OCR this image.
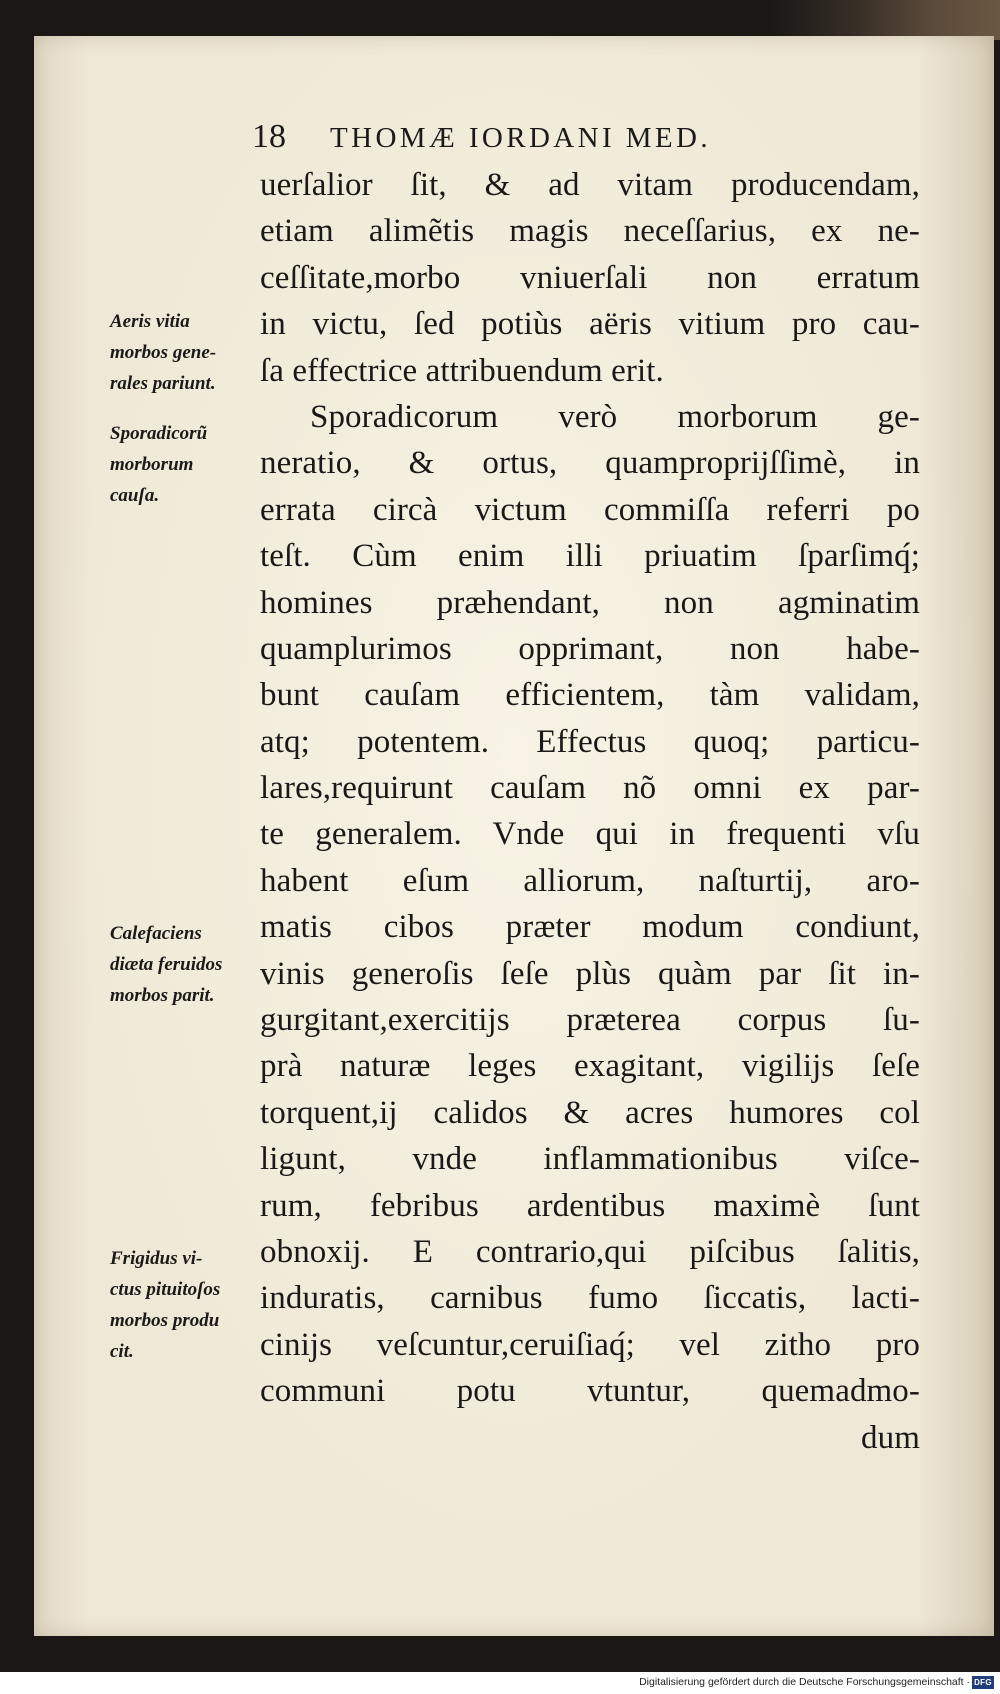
18 THOMÆ IORDANI MED.
uerſalior ſit, & ad vitam producendam,
etiam alimẽtis magis neceſſarius, ex ne-
ceſſitate,morbo vniuerſali non erratum
in victu, ſed potiùs aëris vitium pro cau-
ſa effectrice attribuendum erit.
Sporadicorum verò morborum ge-
neratio, & ortus, quamproprijſſimè, in
errata circà victum commiſſa referri po
teſt. Cùm enim illi priuatim ſparſimq́;
homines præhendant, non agminatim
quamplurimos opprimant, non habe-
bunt cauſam efficientem, tàm validam,
atq; potentem. Effectus quoq; particu-
lares,requirunt cauſam nõ omni ex par-
te generalem. Vnde qui in frequenti vſu
habent eſum alliorum, naſturtij, aro-
matis cibos præter modum condiunt,
vinis generoſis ſeſe plùs quàm par ſit in-
gurgitant,exercitijs præterea corpus ſu-
prà naturæ leges exagitant, vigilijs ſeſe
torquent,ij calidos & acres humores col
ligunt, vnde inflammationibus viſce-
rum, febribus ardentibus maximè ſunt
obnoxij. E contrario,qui piſcibus ſalitis,
induratis, carnibus fumo ſiccatis, lacti-
cinijs veſcuntur,ceruiſiaq́; vel zitho pro
communi potu vtuntur, quemadmo-
dum
Aeris vitia
morbos gene-
rales pariunt.
Sporadicorũ
morborum
cauſa.
Calefaciens
diæta feruidos
morbos parit.
Frigidus vi-
ctus pituitoſos
morbos produ
cit.
Digitalisierung gefördert durch die Deutsche Forschungsgemeinschaft · DFG
